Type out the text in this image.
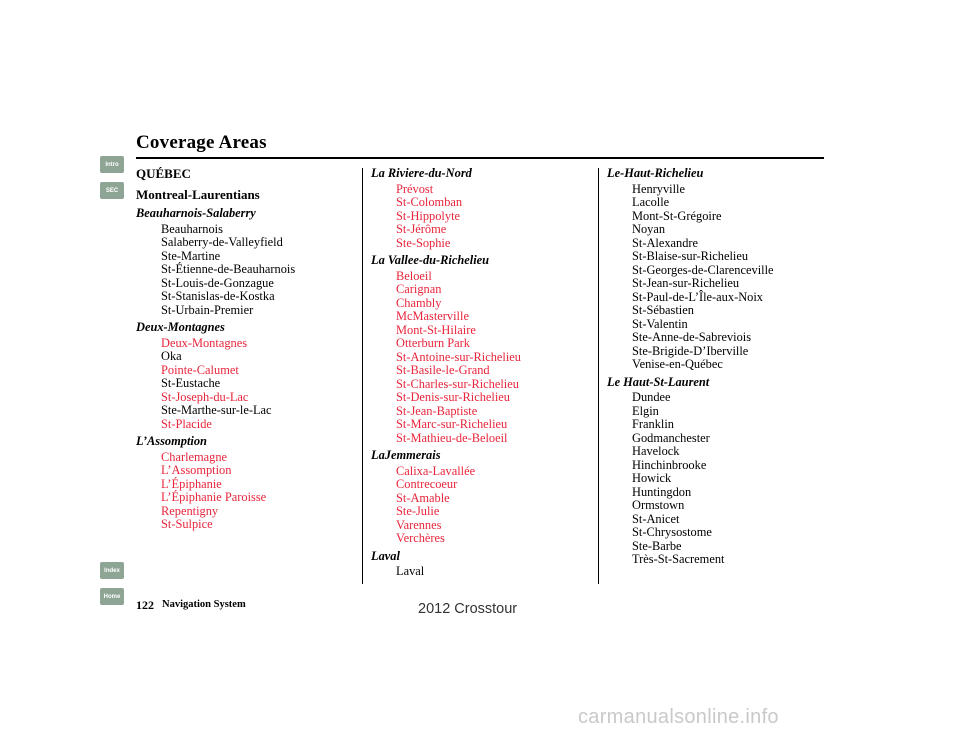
Coverage Areas
Intro
SEC
Index
Home
QUÉBEC
Montreal-Laurentians
Beauharnois-Salaberry
Beauharnois
Salaberry-de-Valleyfield
Ste-Martine
St-Étienne-de-Beauharnois
St-Louis-de-Gonzague
St-Stanislas-de-Kostka
St-Urbain-Premier
Deux-Montagnes
Deux-Montagnes
Oka
Pointe-Calumet
St-Eustache
St-Joseph-du-Lac
Ste-Marthe-sur-le-Lac
St-Placide
L’Assomption
Charlemagne
L’Assomption
L’Épiphanie
L’Épiphanie Paroisse
Repentigny
St-Sulpice
La Riviere-du-Nord
Prévost
St-Colomban
St-Hippolyte
St-Jérôme
Ste-Sophie
La Vallee-du-Richelieu
Beloeil
Carignan
Chambly
McMasterville
Mont-St-Hilaire
Otterburn Park
St-Antoine-sur-Richelieu
St-Basile-le-Grand
St-Charles-sur-Richelieu
St-Denis-sur-Richelieu
St-Jean-Baptiste
St-Marc-sur-Richelieu
St-Mathieu-de-Beloeil
LaJemmerais
Calixa-Lavallée
Contrecoeur
St-Amable
Ste-Julie
Varennes
Verchères
Laval
Laval
Le-Haut-Richelieu
Henryville
Lacolle
Mont-St-Grégoire
Noyan
St-Alexandre
St-Blaise-sur-Richelieu
St-Georges-de-Clarenceville
St-Jean-sur-Richelieu
St-Paul-de-L’Île-aux-Noix
St-Sébastien
St-Valentin
Ste-Anne-de-Sabreviois
Ste-Brigide-D’Iberville
Venise-en-Québec
Le Haut-St-Laurent
Dundee
Elgin
Franklin
Godmanchester
Havelock
Hinchinbrooke
Howick
Huntingdon
Ormstown
St-Anicet
St-Chrysostome
Ste-Barbe
Très-St-Sacrement
122 Navigation System	2012 Crosstour
carmanualsonline.info
